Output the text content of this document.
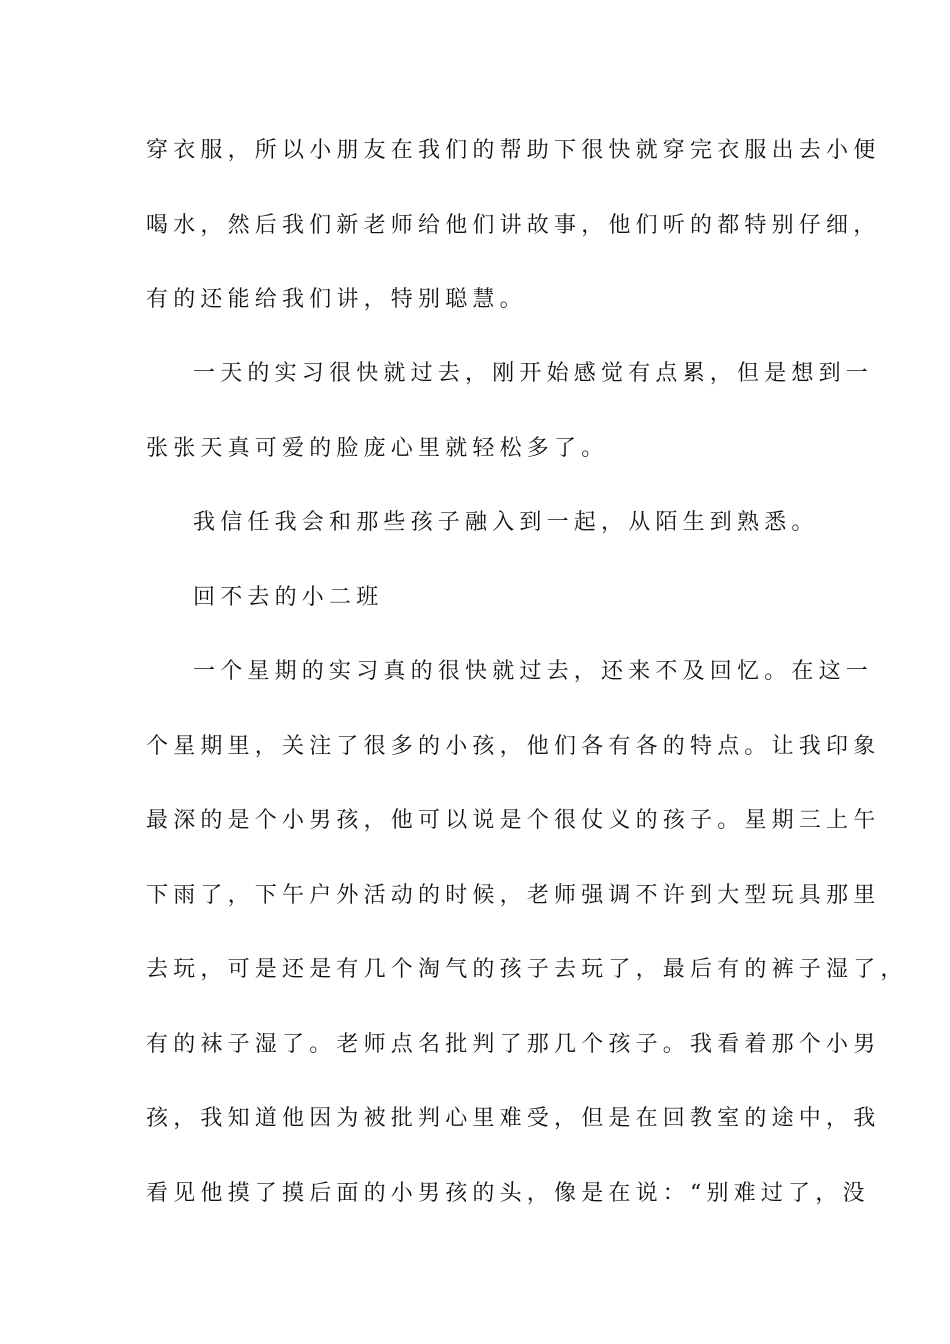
穿衣服，所以小朋友在我们的帮助下很快就穿完衣服出去小便
喝水，然后我们新老师给他们讲故事，他们听的都特别仔细，
有的还能给我们讲，特别聪慧。
一天的实习很快就过去，刚开始感觉有点累，但是想到一
张张天真可爱的脸庞心里就轻松多了。
我信任我会和那些孩子融入到一起，从陌生到熟悉。
回不去的小二班
一个星期的实习真的很快就过去，还来不及回忆。在这一
个星期里，关注了很多的小孩，他们各有各的特点。让我印象
最深的是个小男孩，他可以说是个很仗义的孩子。星期三上午
下雨了，下午户外活动的时候，老师强调不许到大型玩具那里
去玩，可是还是有几个淘气的孩子去玩了，最后有的裤子湿了，
有的袜子湿了。老师点名批判了那几个孩子。我看着那个小男
孩，我知道他因为被批判心里难受，但是在回教室的途中，我
看见他摸了摸后面的小男孩的头，像是在说：“别难过了，没
